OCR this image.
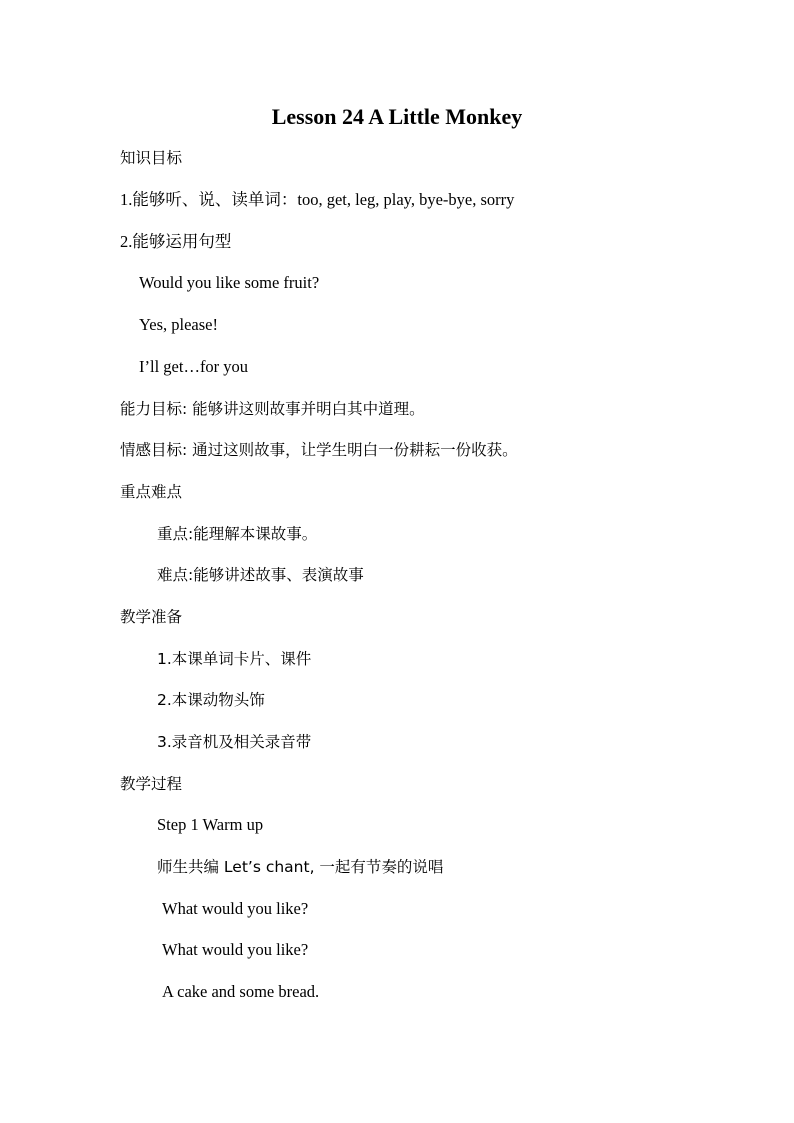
Lesson 24 A Little Monkey
知识目标
1.能够听、说、读单词：too, get, leg, play, bye-bye, sorry
2.能够运用句型
Would you like some fruit?
Yes, please!
I’ll get…for you
能力目标: 能够讲这则故事并明白其中道理。
情感目标: 通过这则故事，让学生明白一份耕耘一份收获。
重点难点
重点:能理解本课故事。
难点:能够讲述故事、表演故事
教学准备
1.本课单词卡片、课件
2.本课动物头饰
3.录音机及相关录音带
教学过程
Step 1 Warm up
师生共编 Let’s chant, 一起有节奏的说唱
What would you like?
What would you like?
A cake and some bread.
